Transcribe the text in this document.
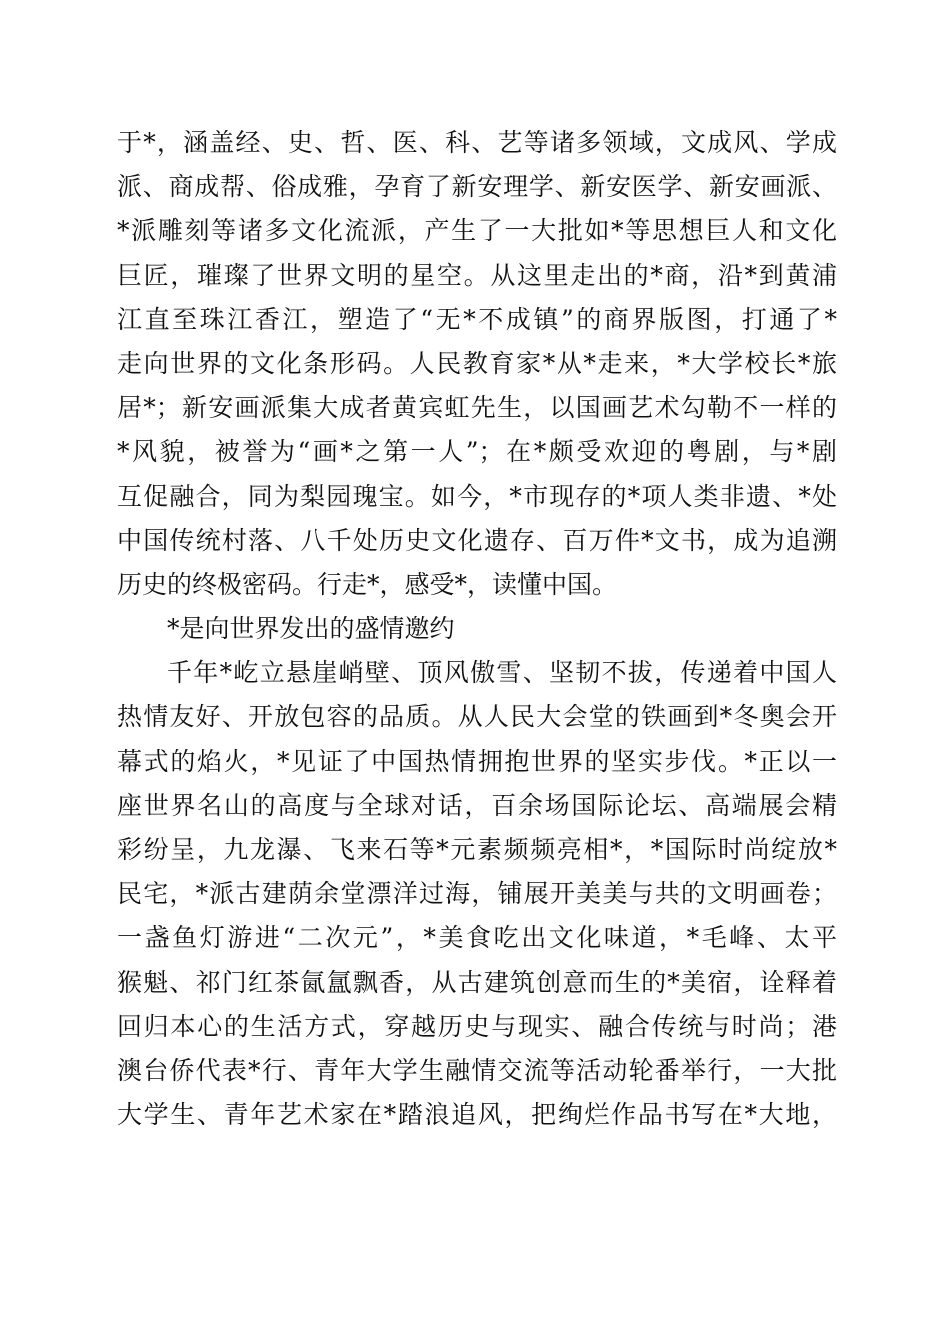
于*，涵盖经、史、哲、医、科、艺等诸多领域，文成风、学成
派、商成帮、俗成雅，孕育了新安理学、新安医学、新安画派、
*派雕刻等诸多文化流派，产生了一大批如*等思想巨人和文化
巨匠，璀璨了世界文明的星空。从这里走出的*商，沿*到黄浦
江直至珠江香江，塑造了“无*不成镇”的商界版图，打通了*
走向世界的文化条形码。人民教育家*从*走来，*大学校长*旅
居*；新安画派集大成者黄宾虹先生，以国画艺术勾勒不一样的
*风貌，被誉为“画*之第一人”；在*颇受欢迎的粤剧，与*剧
互促融合，同为梨园瑰宝。如今，*市现存的*项人类非遗、*处
中国传统村落、八千处历史文化遗存、百万件*文书，成为追溯
历史的终极密码。行走*，感受*，读懂中国。
*是向世界发出的盛情邀约
千年*屹立悬崖峭壁、顶风傲雪、坚韧不拔，传递着中国人
热情友好、开放包容的品质。从人民大会堂的铁画到*冬奥会开
幕式的焰火，*见证了中国热情拥抱世界的坚实步伐。*正以一
座世界名山的高度与全球对话，百余场国际论坛、高端展会精
彩纷呈，九龙瀑、飞来石等*元素频频亮相*，*国际时尚绽放*
民宅，*派古建荫余堂漂洋过海，铺展开美美与共的文明画卷；
一盏鱼灯游进“二次元”，*美食吃出文化味道，*毛峰、太平
猴魁、祁门红茶氤氲飘香，从古建筑创意而生的*美宿，诠释着
回归本心的生活方式，穿越历史与现实、融合传统与时尚；港
澳台侨代表*行、青年大学生融情交流等活动轮番举行，一大批
大学生、青年艺术家在*踏浪追风，把绚烂作品书写在*大地，
